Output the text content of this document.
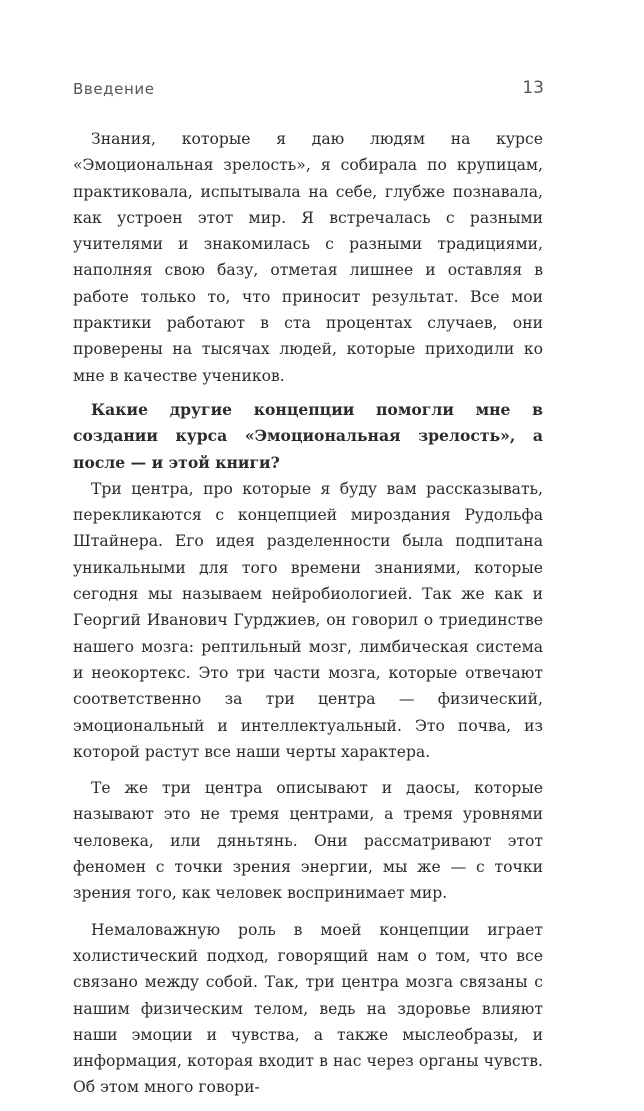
Введение	13

Знания, которые я даю людям на курсе «Эмоциональная зрелость», я собирала по крупицам, практиковала, испытывала на себе, глубже познавала, как устроен этот мир. Я встречалась с разными учителями и знакомилась с разными традициями, наполняя свою базу, отметая лишнее и оставляя в работе только то, что приносит результат. Все мои практики работают в ста процентах случаев, они проверены на тысячах людей, которые приходили ко мне в качестве учеников.

Какие другие концепции помогли мне в создании курса «Эмоциональная зрелость», а после — и этой книги?

Три центра, про которые я буду вам рассказывать, перекликаются с концепцией мироздания Рудольфа Штайнера. Его идея разделенности была подпитана уникальными для того времени знаниями, которые сегодня мы называем нейробиологией. Так же как и Георгий Иванович Гурджиев, он говорил о триединстве нашего мозга: рептильный мозг, лимбическая система и неокортекс. Это три части мозга, которые отвечают соответственно за три центра — физический, эмоциональный и интеллектуальный. Это почва, из которой растут все наши черты характера.

Те же три центра описывают и даосы, которые называют это не тремя центрами, а тремя уровнями человека, или дяньтянь. Они рассматривают этот феномен с точки зрения энергии, мы же — с точки зрения того, как человек воспринимает мир.

Немаловажную роль в моей концепции играет холистический подход, говорящий нам о том, что все связано между собой. Так, три центра мозга связаны с нашим физическим телом, ведь на здоровье влияют наши эмоции и чувства, а также мыслеобразы, и информация, которая входит в нас через органы чувств. Об этом много говори-
